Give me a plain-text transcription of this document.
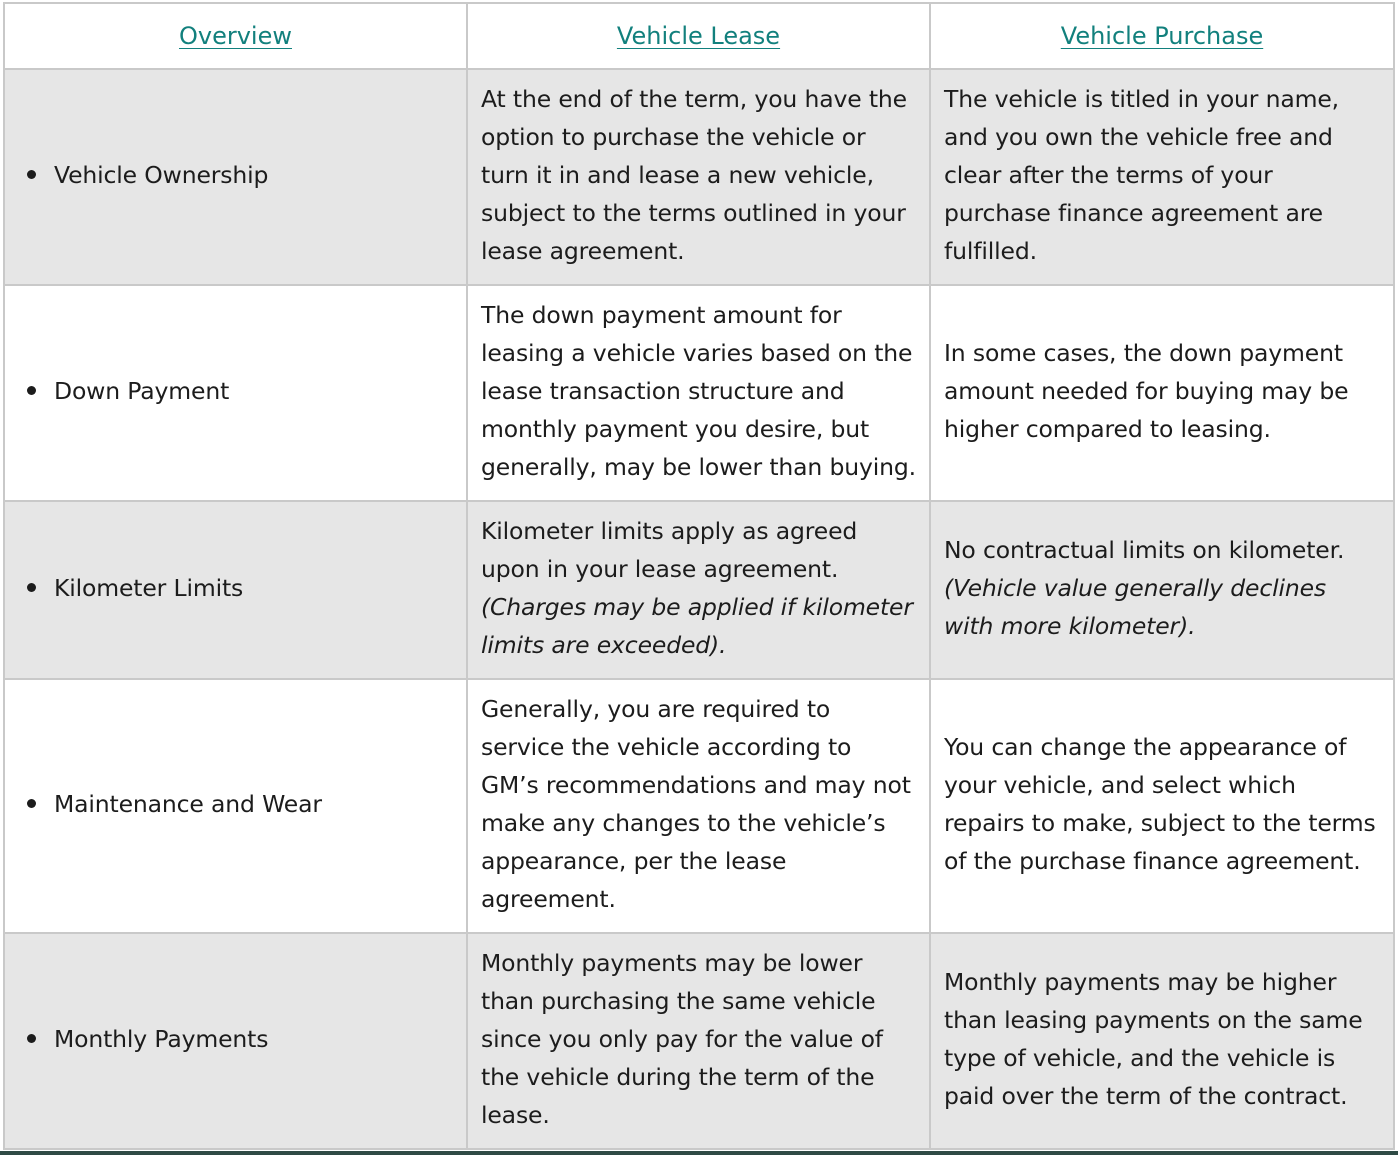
Overview	Vehicle Lease	Vehicle Purchase
Vehicle Ownership	At the end of the term, you have the option to purchase the vehicle or turn it in and lease a new vehicle, subject to the terms outlined in your lease agreement.	The vehicle is titled in your name, and you own the vehicle free and clear after the terms of your purchase finance agreement are fulfilled.
Down Payment	The down payment amount for leasing a vehicle varies based on the lease transaction structure and monthly payment you desire, but generally, may be lower than buying.	In some cases, the down payment amount needed for buying may be higher compared to leasing.
Kilometer Limits	Kilometer limits apply as agreed upon in your lease agreement. (Charges may be applied if kilometer limits are exceeded).	No contractual limits on kilometer. (Vehicle value generally declines with more kilometer).
Maintenance and Wear	Generally, you are required to service the vehicle according to GM’s recommendations and may not make any changes to the vehicle’s appearance, per the lease agreement.	You can change the appearance of your vehicle, and select which repairs to make, subject to the terms of the purchase finance agreement.
Monthly Payments	Monthly payments may be lower than purchasing the same vehicle since you only pay for the value of the vehicle during the term of the lease.	Monthly payments may be higher than leasing payments on the same type of vehicle, and the vehicle is paid over the term of the contract.
